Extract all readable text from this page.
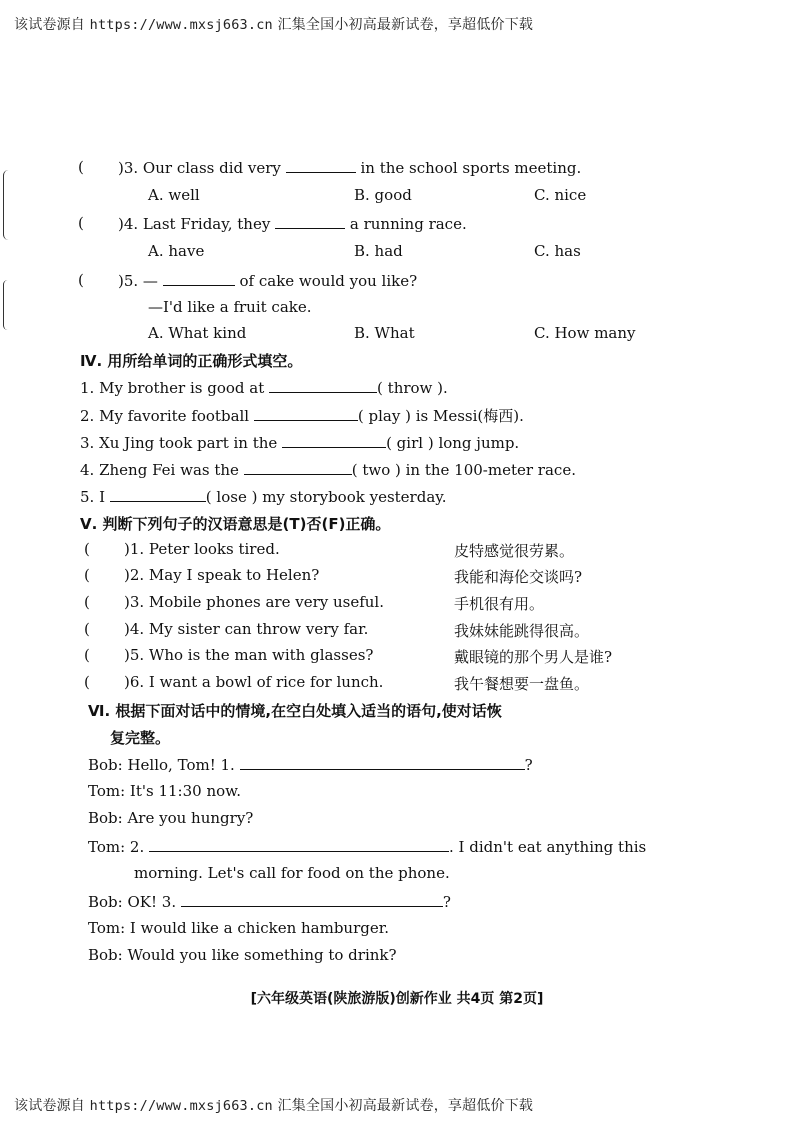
该试卷源自 https://www.mxsj663.cn 汇集全国小初高最新试卷，享超低价下载
( )3. Our class did very	in the school sports meeting.
A. well	B. good	C. nice
( )4. Last Friday, they	a running race.
A. have	B. had	C. has
( )5. —	of cake would you like?
—I'd like a fruit cake.
A. What kind	B. What	C. How many
Ⅳ. 用所给单词的正确形式填空。
1. My brother is good at	( throw ).
2. My favorite football	( play ) is Messi(梅西).
3. Xu Jing took part in the	( girl ) long jump.
4. Zheng Fei was the	( two ) in the 100-meter race.
5. I	( lose ) my storybook yesterday.
Ⅴ. 判断下列句子的汉语意思是(T)否(F)正确。
( )1. Peter looks tired.	皮特感觉很劳累。
( )2. May I speak to Helen?	我能和海伦交谈吗?
( )3. Mobile phones are very useful.	手机很有用。
( )4. My sister can throw very far.	我妹妹能跳得很高。
( )5. Who is the man with glasses?	戴眼镜的那个男人是谁?
( )6. I want a bowl of rice for lunch.	我午餐想要一盘鱼。
Ⅵ. 根据下面对话中的情境,在空白处填入适当的语句,使对话恢
复完整。
Bob: Hello, Tom! 1.	?
Tom: It's 11:30 now.
Bob: Are you hungry?
Tom: 2.	. I didn't eat anything this
morning. Let's call for food on the phone.
Bob: OK! 3.	?
Tom: I would like a chicken hamburger.
Bob: Would you like something to drink?
[六年级英语(陕旅游版)创新作业 共4页 第2页]
该试卷源自 https://www.mxsj663.cn 汇集全国小初高最新试卷，享超低价下载
